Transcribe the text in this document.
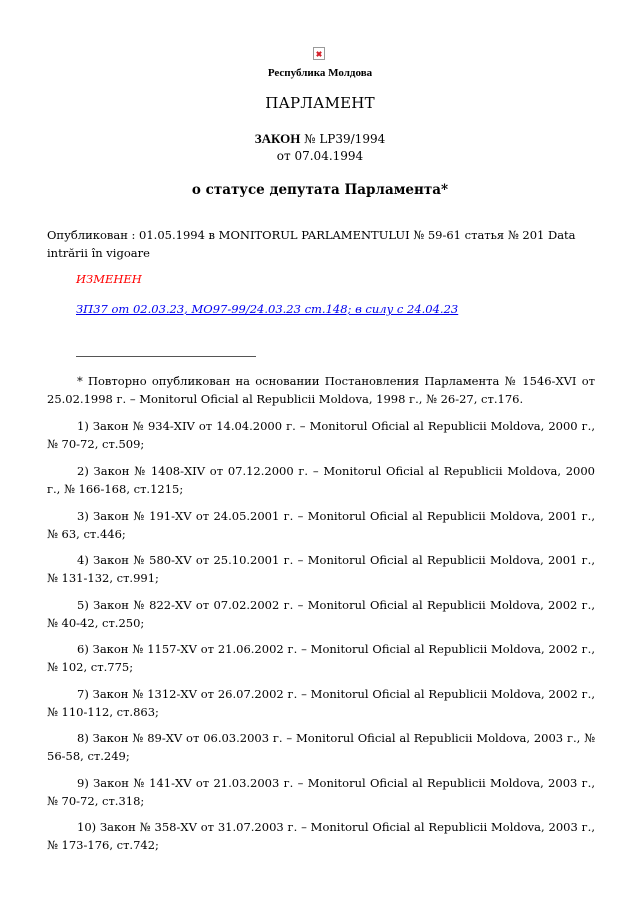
Республика Молдова
ПАРЛАМЕНТ
ЗАКОН № LP39/1994
от 07.04.1994
о статусе депутата Парламента*
Опубликован : 01.05.1994 в MONITORUL PARLAMENTULUI № 59-61 статья № 201 Data intrării în vigoare
ИЗМЕНЕН
ЗП37 от 02.03.23, МО97-99/24.03.23 ст.148; в силу с 24.04.23
* Повторно опубликован на основании Постановления Парламента № 1546-XVI от 25.02.1998 г. – Monitorul Oficial al Republicii Moldova, 1998 г., № 26-27, ст.176.
1) Закон № 934-XIV от 14.04.2000 г. – Monitorul Oficial al Republicii Moldova, 2000 г., № 70-72, ст.509;
2) Закон № 1408-XIV от 07.12.2000 г. – Monitorul Oficial al Republicii Moldova, 2000 г., № 166-168, ст.1215;
3) Закон № 191-XV от 24.05.2001 г. – Monitorul Oficial al Republicii Moldova, 2001 г., № 63, ст.446;
4) Закон № 580-XV от 25.10.2001 г. – Monitorul Oficial al Republicii Moldova, 2001 г., № 131-132, ст.991;
5) Закон № 822-XV от 07.02.2002 г. – Monitorul Oficial al Republicii Moldova, 2002 г., № 40-42, ст.250;
6) Закон № 1157-XV от 21.06.2002 г. – Monitorul Oficial al Republicii Moldova, 2002 г., № 102, ст.775;
7) Закон № 1312-XV от 26.07.2002 г. – Monitorul Oficial al Republicii Moldova, 2002 г., № 110-112, ст.863;
8) Закон № 89-XV от 06.03.2003 г. – Monitorul Oficial al Republicii Moldova, 2003 г., № 56-58, ст.249;
9) Закон № 141-XV от 21.03.2003 г. – Monitorul Oficial al Republicii Moldova, 2003 г., № 70-72, ст.318;
10) Закон № 358-XV от 31.07.2003 г. – Monitorul Oficial al Republicii Moldova, 2003 г., № 173-176, ст.742;
